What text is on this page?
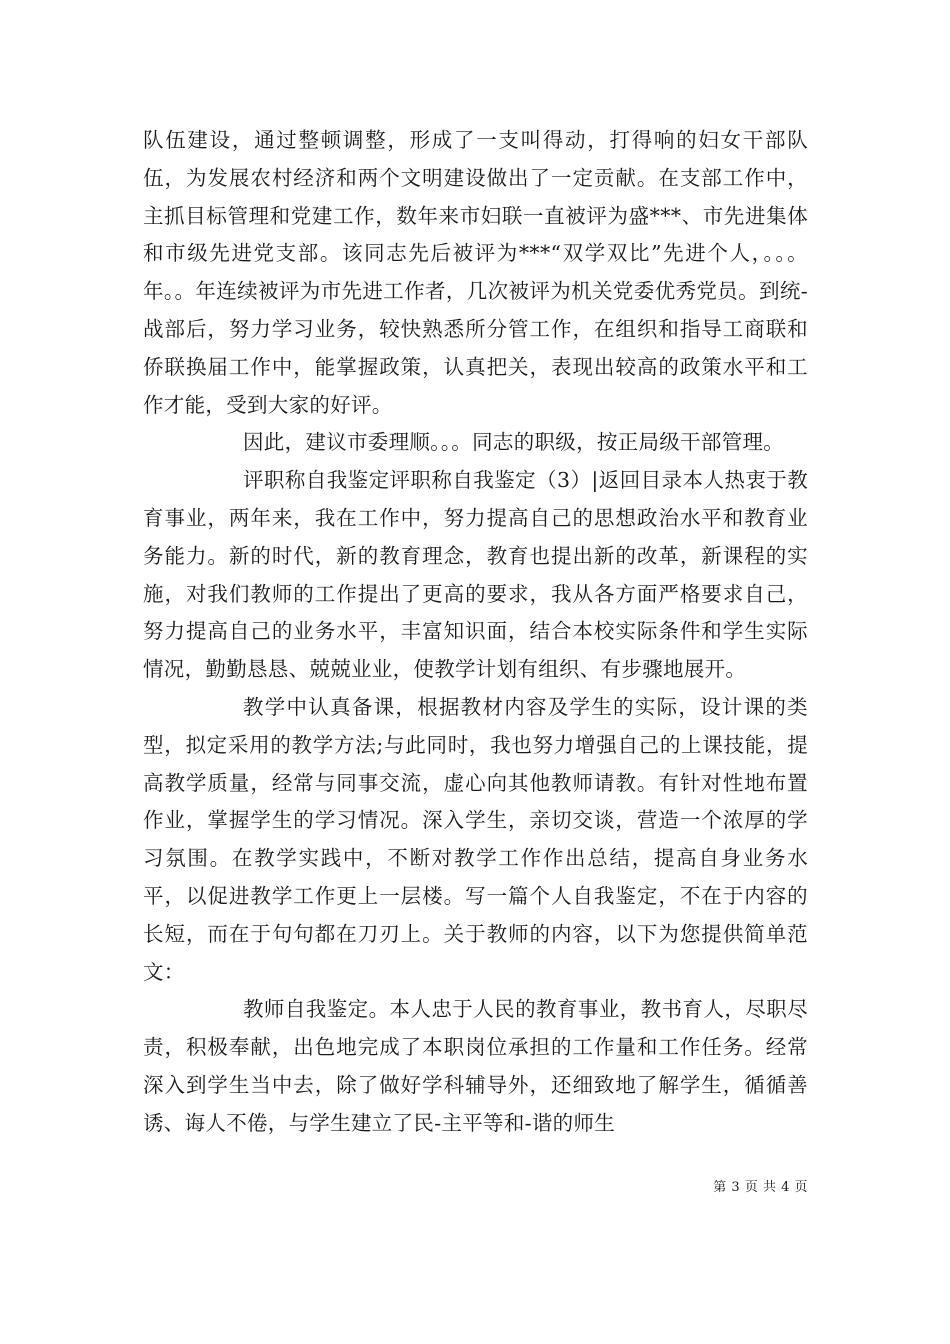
队伍建设，通过整顿调整，形成了一支叫得动，打得响的妇女干部队伍，为发展农村经济和两个文明建设做出了一定贡献。在支部工作中，主抓目标管理和党建工作，数年来市妇联一直被评为盛***、市先进集体和市级先进党支部。该同志先后被评为***“双学双比”先进个人，。。。年。。年连续被评为市先进工作者，几次被评为机关党委优秀党员。到统-战部后，努力学习业务，较快熟悉所分管工作，在组织和指导工商联和侨联换届工作中，能掌握政策，认真把关，表现出较高的政策水平和工作才能，受到大家的好评。

因此，建议市委理顺。。。同志的职级，按正局级干部管理。

评职称自我鉴定评职称自我鉴定（3）|返回目录本人热衷于教育事业，两年来，我在工作中，努力提高自己的思想政治水平和教育业务能力。新的时代，新的教育理念，教育也提出新的改革，新课程的实施，对我们教师的工作提出了更高的要求，我从各方面严格要求自己，努力提高自己的业务水平，丰富知识面，结合本校实际条件和学生实际情况，勤勤恳恳、兢兢业业，使教学计划有组织、有步骤地展开。

教学中认真备课，根据教材内容及学生的实际，设计课的类型，拟定采用的教学方法;与此同时，我也努力增强自己的上课技能，提高教学质量，经常与同事交流，虚心向其他教师请教。有针对性地布置作业，掌握学生的学习情况。深入学生，亲切交谈，营造一个浓厚的学习氛围。在教学实践中，不断对教学工作作出总结，提高自身业务水平，以促进教学工作更上一层楼。写一篇个人自我鉴定，不在于内容的长短，而在于句句都在刀刃上。关于教师的内容，以下为您提供简单范文：

教师自我鉴定。本人忠于人民的教育事业，教书育人，尽职尽责，积极奉献，出色地完成了本职岗位承担的工作量和工作任务。经常深入到学生当中去，除了做好学科辅导外，还细致地了解学生，循循善诱、诲人不倦，与学生建立了民-主平等和-谐的师生

第 3 页 共 4 页
